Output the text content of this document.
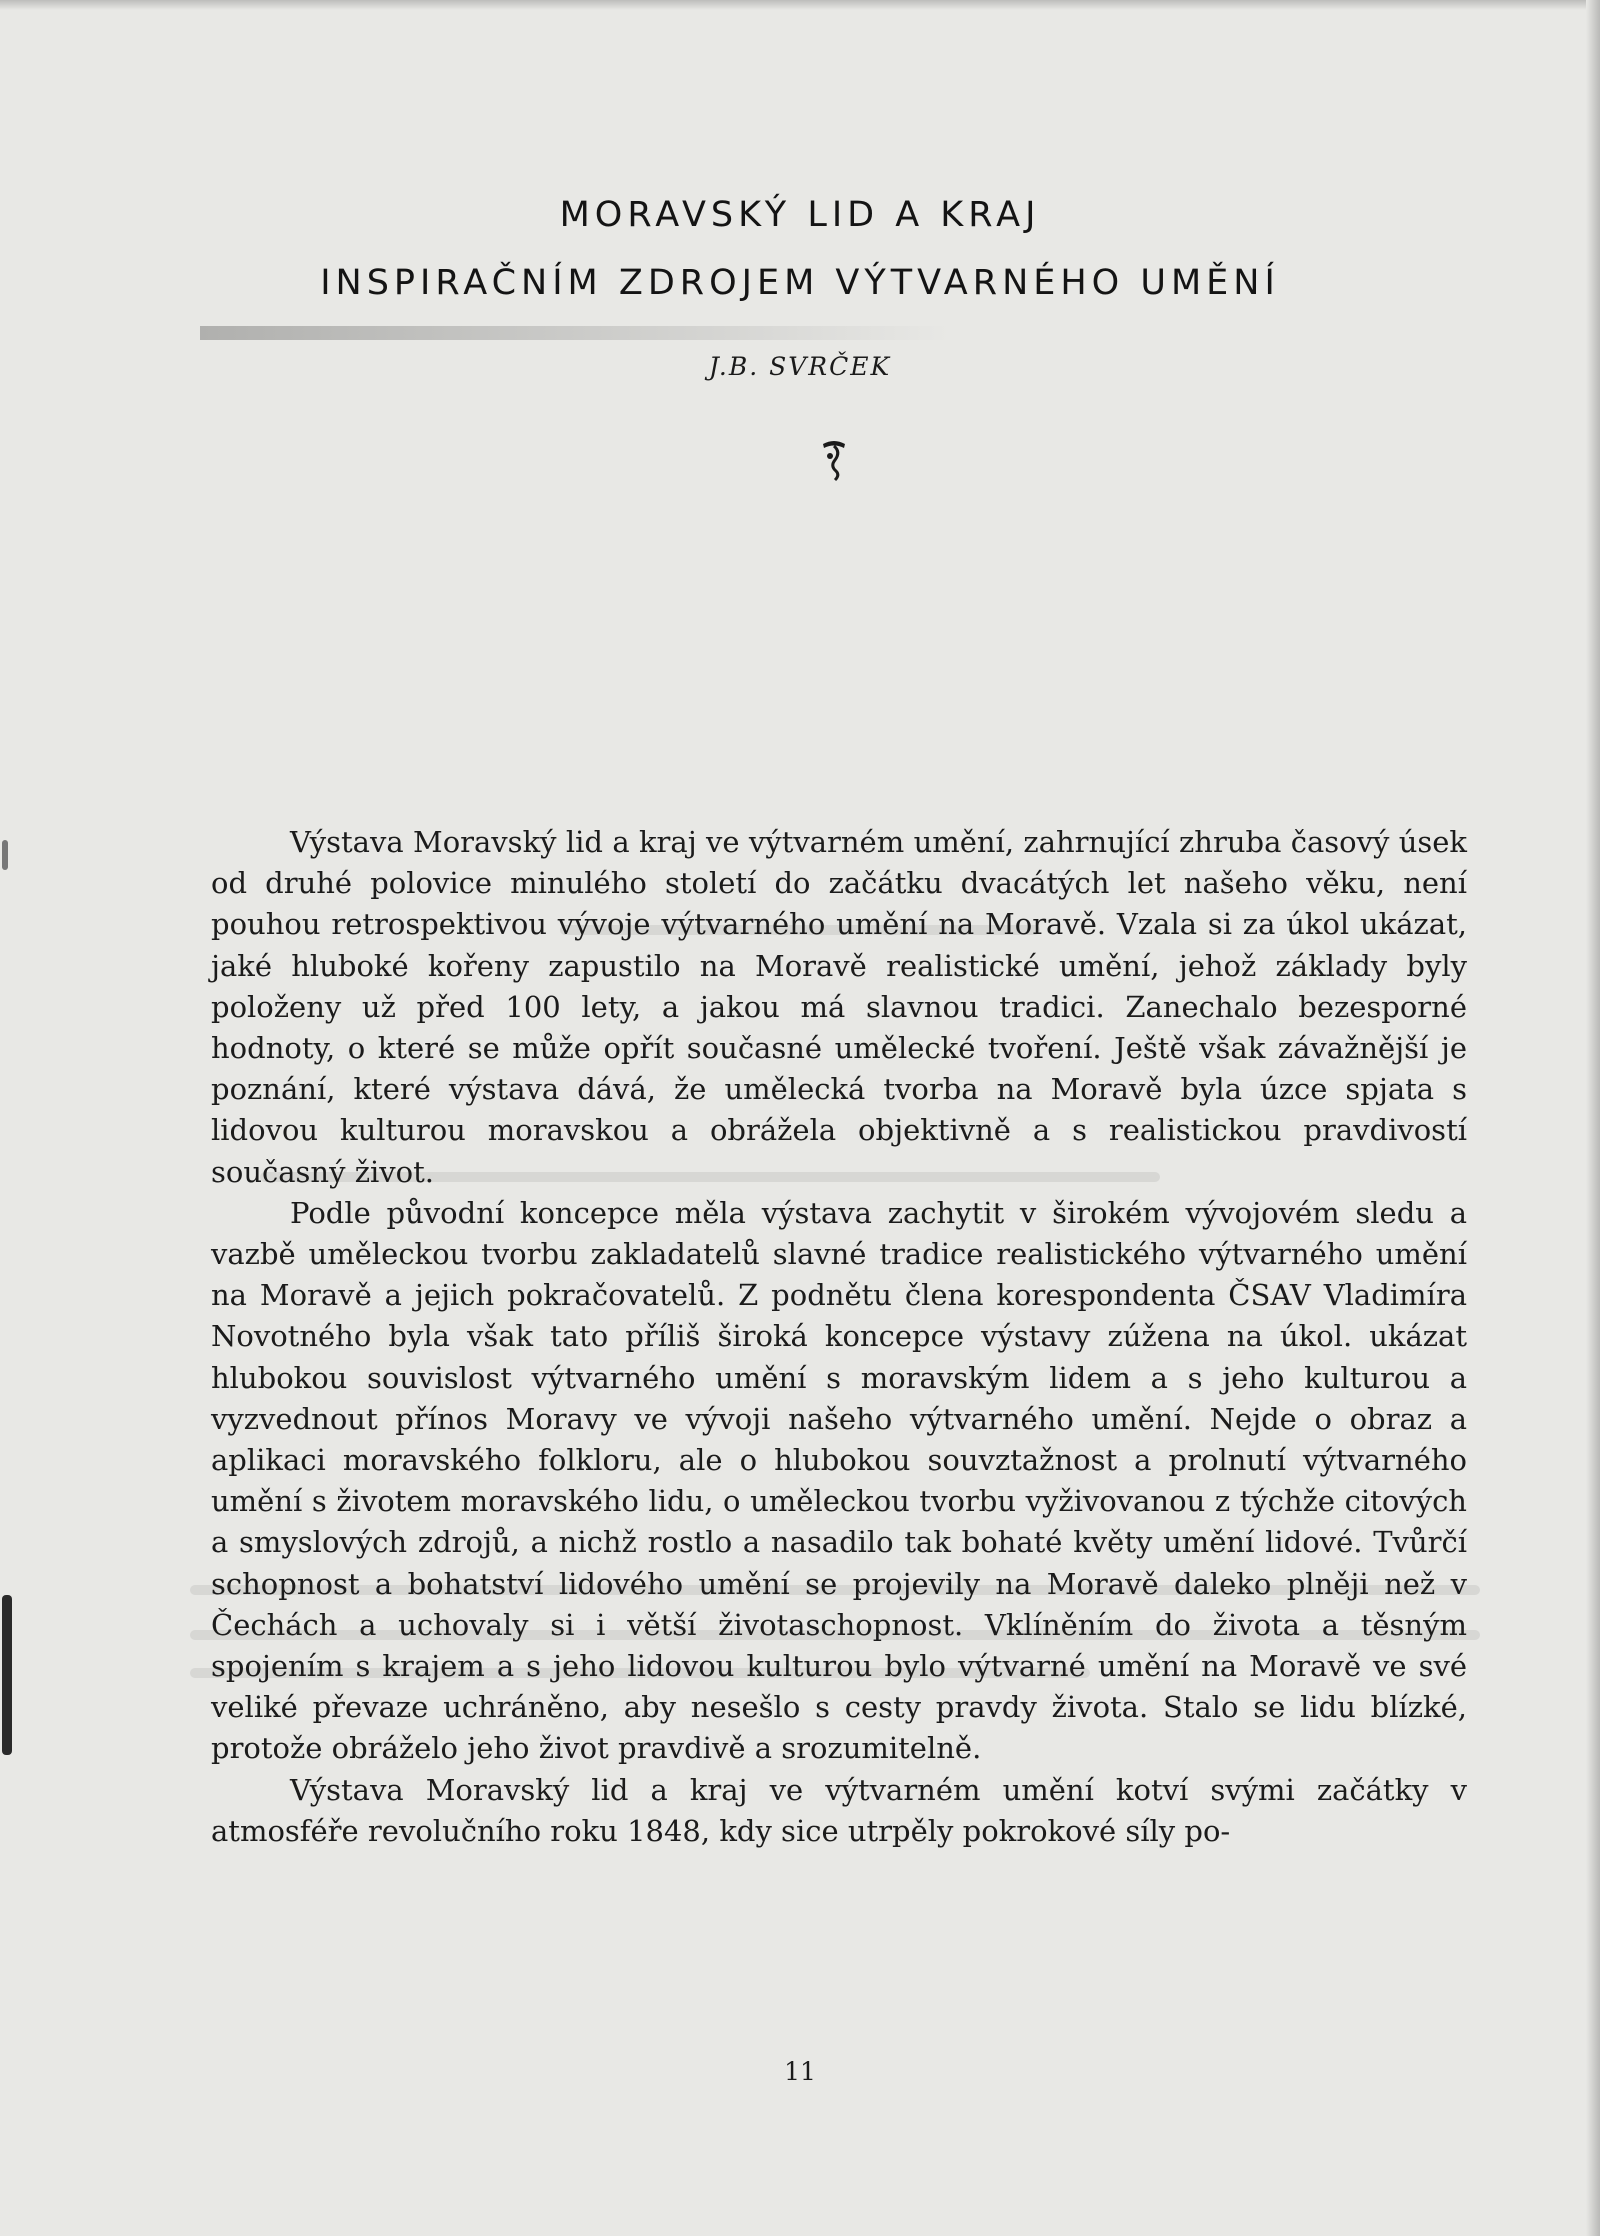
MORAVSKÝ LID A KRAJ
INSPIRAČNÍM ZDROJEM VÝTVARNÉHO UMĚNÍ
J.B. SVRČEK

Výstava Moravský lid a kraj ve výtvarném umění, zahrnující zhruba časový úsek od druhé polovice minulého století do začátku dvacátých let našeho věku, není pouhou retrospektivou vývoje výtvarného umění na Moravě. Vzala si za úkol ukázat, jaké hluboké kořeny zapustilo na Moravě realistické umění, jehož základy byly položeny už před 100 lety, a jakou má slavnou tradici. Zanechalo bezesporné hodnoty, o které se může opřít současné umělecké tvoření. Ještě však závažnější je poznání, které výstava dává, že umělecká tvorba na Moravě byla úzce spjata s lidovou kulturou moravskou a obrážela objektivně a s realistickou pravdivostí současný život.

Podle původní koncepce měla výstava zachytit v širokém vývojovém sledu a vazbě uměleckou tvorbu zakladatelů slavné tradice realistického výtvarného umění na Moravě a jejich pokračovatelů. Z podnětu člena korespondenta ČSAV Vladimíra Novotného byla však tato příliš široká koncepce výstavy zúžena na úkol. ukázat hlubokou souvislost výtvarného umění s moravským lidem a s jeho kulturou a vyzvednout přínos Moravy ve vývoji našeho výtvarného umění. Nejde o obraz a aplikaci moravského folkloru, ale o hlubokou souvztažnost a prolnutí výtvarného umění s životem moravského lidu, o uměleckou tvorbu vyživovanou z týchže citových a smyslových zdrojů, a nichž rostlo a nasadilo tak bohaté květy umění lidové. Tvůrčí schopnost a bohatství lidového umění se projevily na Moravě daleko plněji než v Čechách a uchovaly si i větší životaschopnost. Vklíněním do života a těsným spojením s krajem a s jeho lidovou kulturou bylo výtvarné umění na Moravě ve své veliké převaze uchráněno, aby nesešlo s cesty pravdy života. Stalo se lidu blízké, protože obráželo jeho život pravdivě a srozumitelně.

Výstava Moravský lid a kraj ve výtvarném umění kotví svými začátky v atmosféře revolučního roku 1848, kdy sice utrpěly pokrokové síly po-

11
